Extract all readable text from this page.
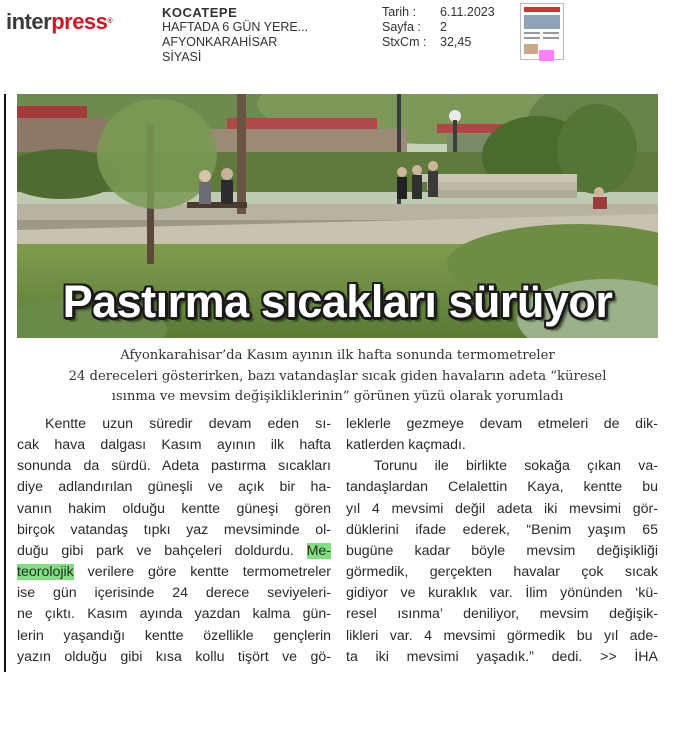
interpress®
KOCATEPE
HAFTADA 6 GÜN YERE...
AFYONKARAHİSAR
SİYASİ
Tarih :	6.11.2023
Sayfa :	2
StxCm :	32,45
Pastırma sıcakları sürüyor
Afyonkarahisar’da Kasım ayının ilk hafta sonunda termometreler
24 dereceleri gösterirken, bazı vatandaşlar sıcak giden havaların adeta “küresel
ısınma ve mevsim değişikliklerinin” görünen yüzü olarak yorumladı
Kentte uzun süredir devam eden sı-
cak hava dalgası Kasım ayının ilk hafta
sonunda da sürdü. Adeta pastırma sıcakları
diye adlandırılan güneşli ve açık bir ha-
vanın hakim olduğu kentte güneşi gören
birçok vatandaş tıpkı yaz mevsiminde ol-
duğu gibi park ve bahçeleri doldurdu. Me-
teorolojik verilere göre kentte termometreler
ise gün içerisinde 24 derece seviyeleri-
ne çıktı. Kasım ayında yazdan kalma gün-
lerin yaşandığı kentte özellikle gençlerin
yazın olduğu gibi kısa kollu tişört ve gö-
leklerle gezmeye devam etmeleri de dik-
katlerden kaçmadı.
Torunu ile birlikte sokağa çıkan va-
tandaşlardan Celalettin Kaya, kentte bu
yıl 4 mevsimi değil adeta iki mevsimi gör-
düklerini ifade ederek, “Benim yaşım 65
bugüne kadar böyle mevsim değişikliği
görmedik, gerçekten havalar çok sıcak
gidiyor ve kuraklık var. İlim yönünden ‘kü-
resel ısınma’ deniliyor, mevsim değişik-
likleri var. 4 mevsimi görmedik bu yıl ade-
ta iki mevsimi yaşadık.” dedi. >> İHA
